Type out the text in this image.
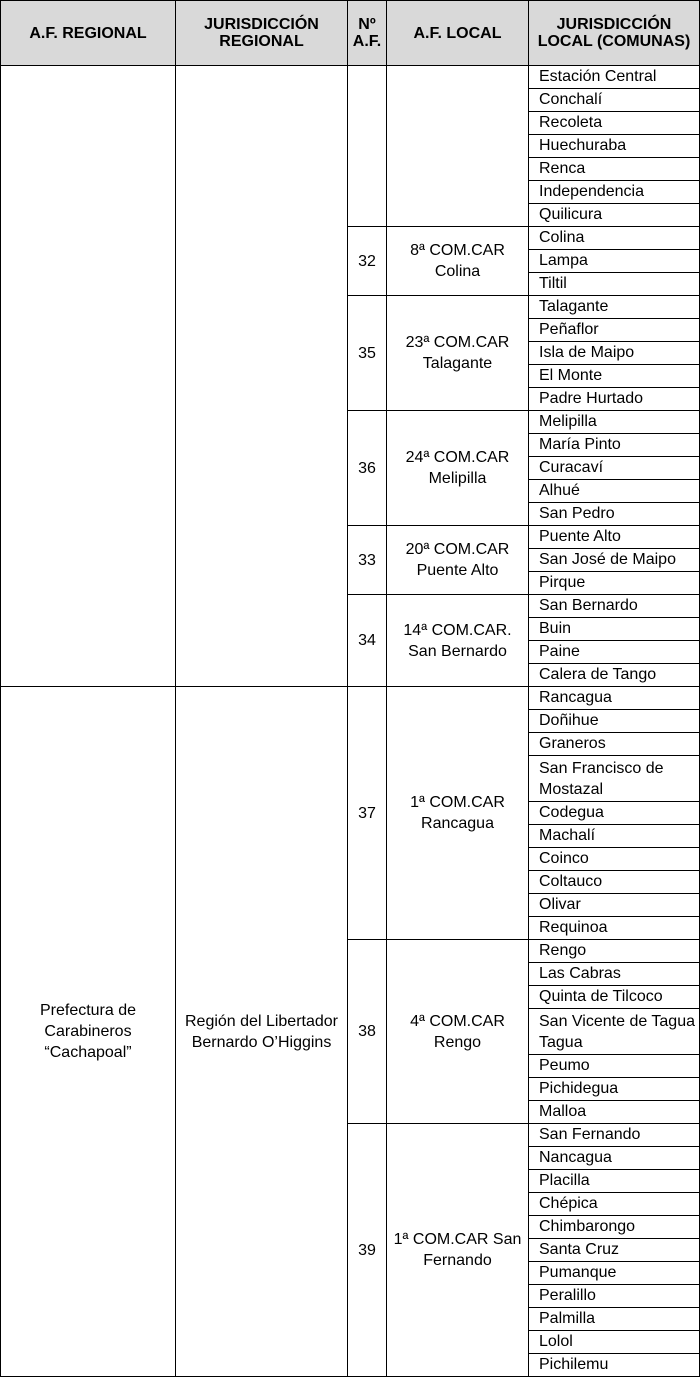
A.F. REGIONAL	JURISDICCIÓN REGIONAL	Nº A.F.	A.F. LOCAL	JURISDICCIÓN LOCAL (COMUNAS)
				Estación Central
				Conchalí
				Recoleta
				Huechuraba
				Renca
				Independencia
				Quilicura
		32	8ª COM.CAR Colina	Colina
				Lampa
				Tiltil
		35	23ª COM.CAR Talagante	Talagante
				Peñaflor
				Isla de Maipo
				El Monte
				Padre Hurtado
		36	24ª COM.CAR Melipilla	Melipilla
				María Pinto
				Curacaví
				Alhué
				San Pedro
		33	20ª COM.CAR Puente Alto	Puente Alto
				San José de Maipo
				Pirque
		34	14ª COM.CAR. San Bernardo	San Bernardo
				Buin
				Paine
				Calera de Tango
Prefectura de Carabineros “Cachapoal”	Región del Libertador Bernardo O’Higgins	37	1ª COM.CAR Rancagua	Rancagua
				Doñihue
				Graneros
				San Francisco de Mostazal
				Codegua
				Machalí
				Coinco
				Coltauco
				Olivar
				Requinoa
		38	4ª COM.CAR Rengo	Rengo
				Las Cabras
				Quinta de Tilcoco
				San Vicente de Tagua Tagua
				Peumo
				Pichidegua
				Malloa
		39	1ª COM.CAR San Fernando	San Fernando
				Nancagua
				Placilla
				Chépica
				Chimbarongo
				Santa Cruz
				Pumanque
				Peralillo
				Palmilla
				Lolol
				Pichilemu
